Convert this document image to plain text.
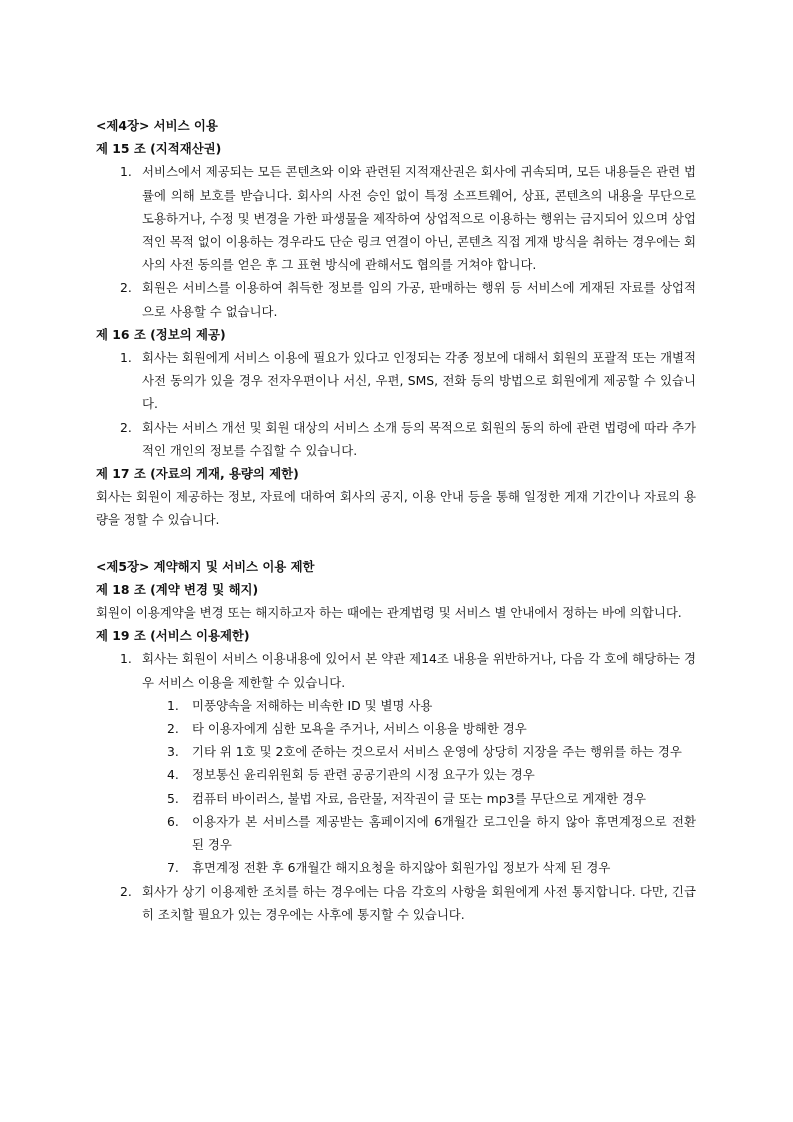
<제4장> 서비스 이용

제 15 조 (지적재산권)

1. 서비스에서 제공되는 모든 콘텐츠와 이와 관련된 지적재산권은 회사에 귀속되며, 모든 내용들은 관련 법률에 의해 보호를 받습니다. 회사의 사전 승인 없이 특정 소프트웨어, 상표, 콘텐츠의 내용을 무단으로 도용하거나, 수정 및 변경을 가한 파생물을 제작하여 상업적으로 이용하는 행위는 금지되어 있으며 상업적인 목적 없이 이용하는 경우라도 단순 링크 연결이 아닌, 콘텐츠 직접 게재 방식을 취하는 경우에는 회사의 사전 동의를 얻은 후 그 표현 방식에 관해서도 협의를 거쳐야 합니다.
2. 회원은 서비스를 이용하여 취득한 정보를 임의 가공, 판매하는 행위 등 서비스에 게재된 자료를 상업적으로 사용할 수 없습니다.

제 16 조 (정보의 제공)

1. 회사는 회원에게 서비스 이용에 필요가 있다고 인정되는 각종 정보에 대해서 회원의 포괄적 또는 개별적 사전 동의가 있을 경우 전자우편이나 서신, 우편, SMS, 전화 등의 방법으로 회원에게 제공할 수 있습니다.
2. 회사는 서비스 개선 및 회원 대상의 서비스 소개 등의 목적으로 회원의 동의 하에 관련 법령에 따라 추가적인 개인의 정보를 수집할 수 있습니다.

제 17 조 (자료의 게재, 용량의 제한)

회사는 회원이 제공하는 정보, 자료에 대하여 회사의 공지, 이용 안내 등을 통해 일정한 게재 기간이나 자료의 용량을 정할 수 있습니다.

<제5장> 계약해지 및 서비스 이용 제한

제 18 조 (계약 변경 및 해지)

회원이 이용계약을 변경 또는 해지하고자 하는 때에는 관계법령 및 서비스 별 안내에서 정하는 바에 의합니다.

제 19 조 (서비스 이용제한)

1. 회사는 회원이 서비스 이용내용에 있어서 본 약관 제14조 내용을 위반하거나, 다음 각 호에 해당하는 경우 서비스 이용을 제한할 수 있습니다.
1. 미풍양속을 저해하는 비속한 ID 및 별명 사용
2. 타 이용자에게 심한 모욕을 주거나, 서비스 이용을 방해한 경우
3. 기타 위 1호 및 2호에 준하는 것으로서 서비스 운영에 상당히 지장을 주는 행위를 하는 경우
4. 정보통신 윤리위원회 등 관련 공공기관의 시정 요구가 있는 경우
5. 컴퓨터 바이러스, 불법 자료, 음란물, 저작권이 글 또는 mp3를 무단으로 게재한 경우
6. 이용자가 본 서비스를 제공받는 홈페이지에 6개월간 로그인을 하지 않아 휴면계정으로 전환 된 경우
7. 휴면계정 전환 후 6개월간 해지요청을 하지않아 회원가입 정보가 삭제 된 경우
2. 회사가 상기 이용제한 조치를 하는 경우에는 다음 각호의 사항을 회원에게 사전 통지합니다. 다만, 긴급히 조치할 필요가 있는 경우에는 사후에 통지할 수 있습니다.
